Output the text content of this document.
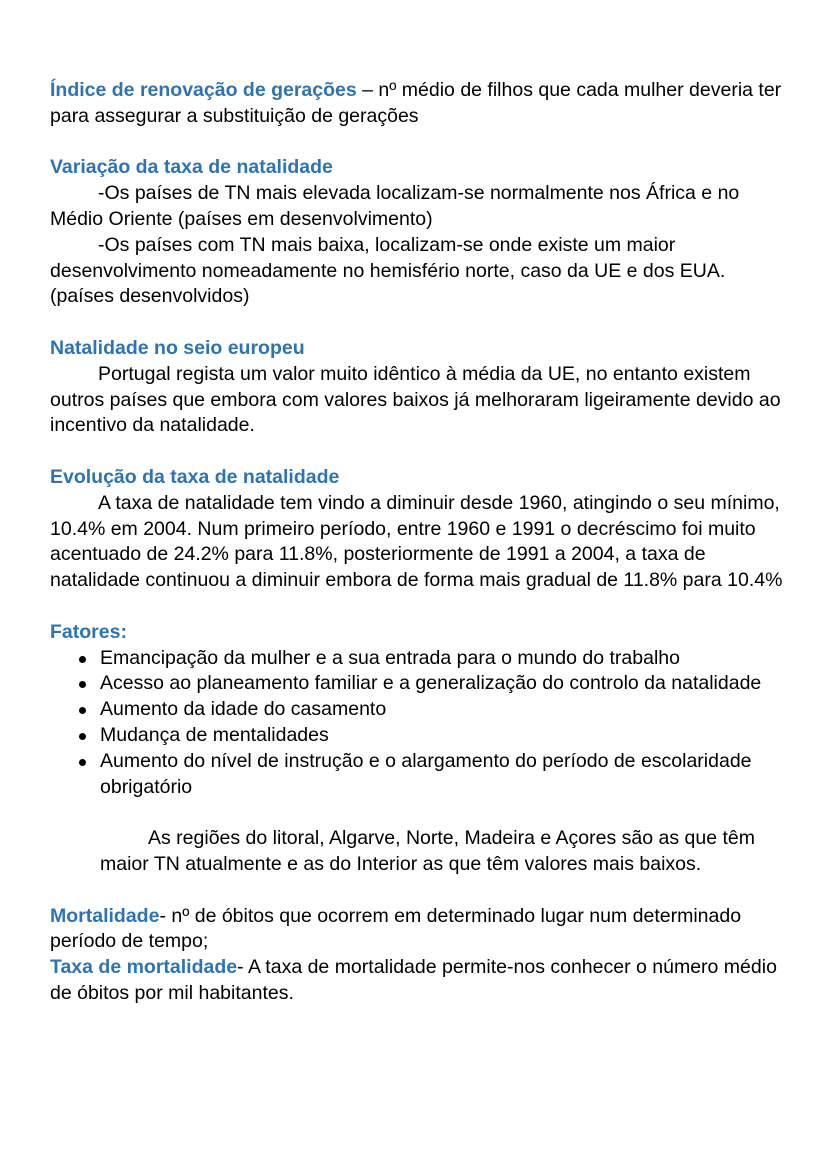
Índice de renovação de gerações – nº médio de filhos que cada mulher deveria ter para assegurar a substituição de gerações

Variação da taxa de natalidade

-Os países de TN mais elevada localizam-se normalmente nos África e no Médio Oriente (países em desenvolvimento)

-Os países com TN mais baixa, localizam-se onde existe um maior desenvolvimento nomeadamente no hemisfério norte, caso da UE e dos EUA. (países desenvolvidos)

Natalidade no seio europeu

Portugal regista um valor muito idêntico à média da UE, no entanto existem outros países que embora com valores baixos já melhoraram ligeiramente devido ao incentivo da natalidade.

Evolução da taxa de natalidade

A taxa de natalidade tem vindo a diminuir desde 1960, atingindo o seu mínimo, 10.4% em 2004. Num primeiro período, entre 1960 e 1991 o decréscimo foi muito acentuado de 24.2% para 11.8%, posteriormente de 1991 a 2004, a taxa de natalidade continuou a diminuir embora de forma mais gradual de 11.8% para 10.4%

Fatores:
Emancipação da mulher e a sua entrada para o mundo do trabalho
Acesso ao planeamento familiar e a generalização do controlo da natalidade
Aumento da idade do casamento
Mudança de mentalidades
Aumento do nível de instrução e o alargamento do período de escolaridade obrigatório

As regiões do litoral, Algarve, Norte, Madeira e Açores são as que têm maior TN atualmente e as do Interior as que têm valores mais baixos.

Mortalidade- nº de óbitos que ocorrem em determinado lugar num determinado período de tempo;

Taxa de mortalidade- A taxa de mortalidade permite-nos conhecer o número médio de óbitos por mil habitantes.
